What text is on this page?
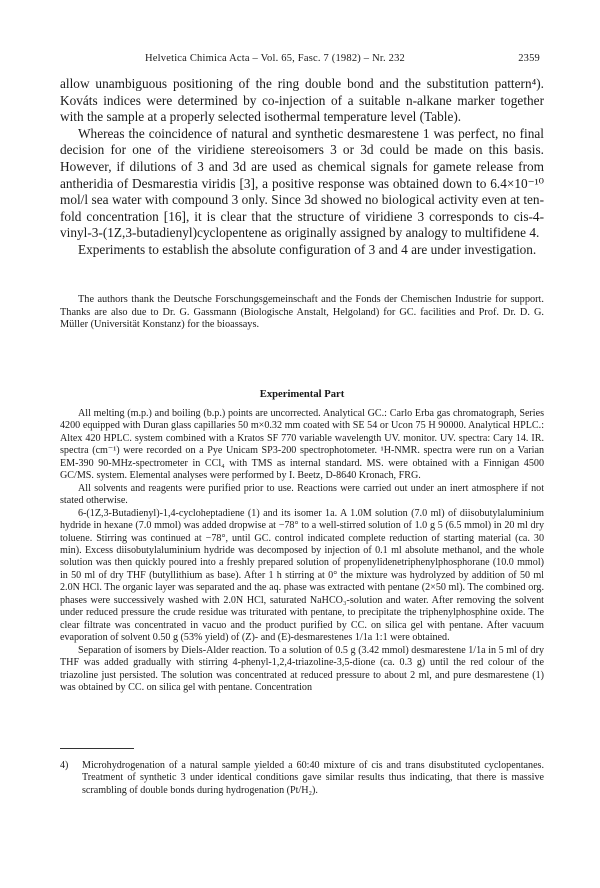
Helvetica Chimica Acta – Vol. 65, Fasc. 7 (1982) – Nr. 232	2359

allow unambiguous positioning of the ring double bond and the substitution pattern⁴). Kováts indices were determined by co-injection of a suitable n-alkane marker together with the sample at a properly selected isothermal temperature level (Table).

Whereas the coincidence of natural and synthetic desmarestene 1 was perfect, no final decision for one of the viridiene stereoisomers 3 or 3d could be made on this basis. However, if dilutions of 3 and 3d are used as chemical signals for gamete release from antheridia of Desmarestia viridis [3], a positive response was obtained down to 6.4×10⁻¹⁰ mol/l sea water with compound 3 only. Since 3d showed no biological activity even at ten-fold concentration [16], it is clear that the structure of viridiene 3 corresponds to cis-4-vinyl-3-(1Z,3-butadienyl)cyclopentene as originally assigned by analogy to multifidene 4.

Experiments to establish the absolute configuration of 3 and 4 are under investigation.

The authors thank the Deutsche Forschungsgemeinschaft and the Fonds der Chemischen Industrie for support. Thanks are also due to Dr. G. Gassmann (Biologische Anstalt, Helgoland) for GC. facilities and Prof. Dr. D. G. Müller (Universität Konstanz) for the bioassays.

Experimental Part

All melting (m.p.) and boiling (b.p.) points are uncorrected. Analytical GC.: Carlo Erba gas chromatograph, Series 4200 equipped with Duran glass capillaries 50 m×0.32 mm coated with SE 54 or Ucon 75 H 90000. Analytical HPLC.: Altex 420 HPLC. system combined with a Kratos SF 770 variable wavelength UV. monitor. UV. spectra: Cary 14. IR. spectra (cm⁻¹) were recorded on a Pye Unicam SP3-200 spectrophotometer. ¹H-NMR. spectra were run on a Varian EM-390 90-MHz-spectrometer in CCl₄ with TMS as internal standard. MS. were obtained with a Finnigan 4500 GC/MS. system. Elemental analyses were performed by I. Beetz, D-8640 Kronach, FRG.

All solvents and reagents were purified prior to use. Reactions were carried out under an inert atmosphere if not stated otherwise.

6-(1Z,3-Butadienyl)-1,4-cycloheptadiene (1) and its isomer 1a. A 1.0M solution (7.0 ml) of diisobutylaluminium hydride in hexane (7.0 mmol) was added dropwise at −78° to a well-stirred solution of 1.0 g 5 (6.5 mmol) in 20 ml dry toluene. Stirring was continued at −78°, until GC. control indicated complete reduction of starting material (ca. 30 min). Excess diisobutylaluminium hydride was decomposed by injection of 0.1 ml absolute methanol, and the whole solution was then quickly poured into a freshly prepared solution of propenylidenetriphenylphosphorane (10.0 mmol) in 50 ml of dry THF (butyllithium as base). After 1 h stirring at 0° the mixture was hydrolyzed by addition of 50 ml 2.0N HCl. The organic layer was separated and the aq. phase was extracted with pentane (2×50 ml). The combined org. phases were successively washed with 2.0N HCl, saturated NaHCO₃-solution and water. After removing the solvent under reduced pressure the crude residue was triturated with pentane, to precipitate the triphenylphosphine oxide. The clear filtrate was concentrated in vacuo and the product purified by CC. on silica gel with pentane. After vacuum evaporation of solvent 0.50 g (53% yield) of (Z)- and (E)-desmarestenes 1/1a 1:1 were obtained.

Separation of isomers by Diels-Alder reaction. To a solution of 0.5 g (3.42 mmol) desmarestene 1/1a in 5 ml of dry THF was added gradually with stirring 4-phenyl-1,2,4-triazoline-3,5-dione (ca. 0.3 g) until the red colour of the triazoline just persisted. The solution was concentrated at reduced pressure to about 2 ml, and pure desmarestene (1) was obtained by CC. on silica gel with pentane. Concentration

4) Microhydrogenation of a natural sample yielded a 60:40 mixture of cis and trans disubstituted cyclopentanes. Treatment of synthetic 3 under identical conditions gave similar results thus indicating, that there is massive scrambling of double bonds during hydrogenation (Pt/H₂).
